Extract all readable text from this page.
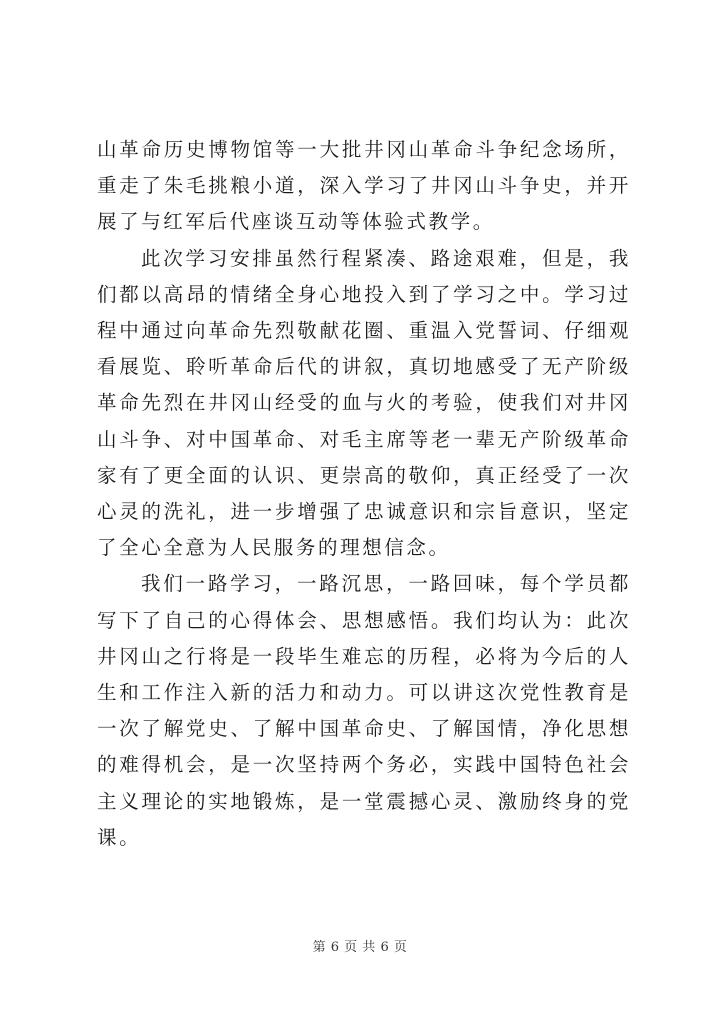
山革命历史博物馆等一大批井冈山革命斗争纪念场所，重走了朱毛挑粮小道，深入学习了井冈山斗争史，并开展了与红军后代座谈互动等体验式教学。

此次学习安排虽然行程紧凑、路途艰难，但是，我们都以高昂的情绪全身心地投入到了学习之中。学习过程中通过向革命先烈敬献花圈、重温入党誓词、仔细观看展览、聆听革命后代的讲叙，真切地感受了无产阶级革命先烈在井冈山经受的血与火的考验，使我们对井冈山斗争、对中国革命、对毛主席等老一辈无产阶级革命家有了更全面的认识、更崇高的敬仰，真正经受了一次心灵的洗礼，进一步增强了忠诚意识和宗旨意识，坚定了全心全意为人民服务的理想信念。

我们一路学习，一路沉思，一路回味，每个学员都写下了自己的心得体会、思想感悟。我们均认为：此次井冈山之行将是一段毕生难忘的历程，必将为今后的人生和工作注入新的活力和动力。可以讲这次党性教育是一次了解党史、了解中国革命史、了解国情，净化思想的难得机会，是一次坚持两个务必，实践中国特色社会主义理论的实地锻炼，是一堂震撼心灵、激励终身的党课。

第 6 页 共 6 页
